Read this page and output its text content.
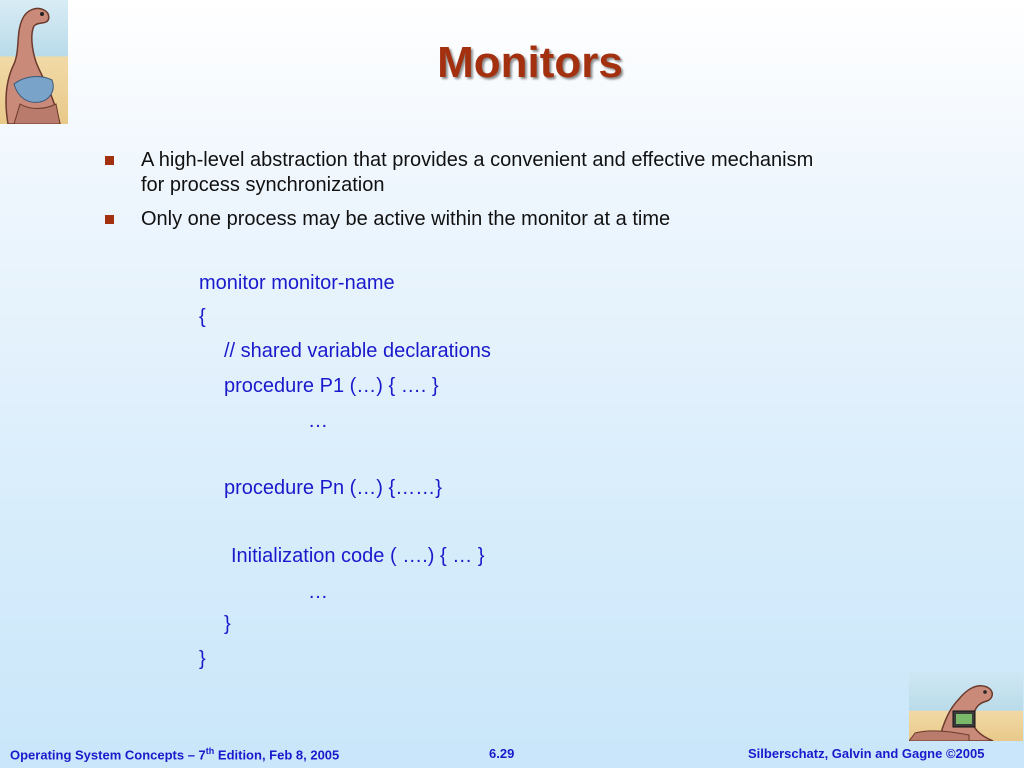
Monitors
A high-level abstraction that provides a convenient and effective mechanism for process synchronization
Only one process may be active within the monitor at a time
monitor monitor-name
{
// shared variable declarations
procedure P1 (…) { …. }
…
procedure Pn (…) {……}
Initialization code ( ….) { … }
…
}
}
Operating System Concepts – 7th Edition, Feb 8, 2005	6.29	Silberschatz, Galvin and Gagne ©2005
